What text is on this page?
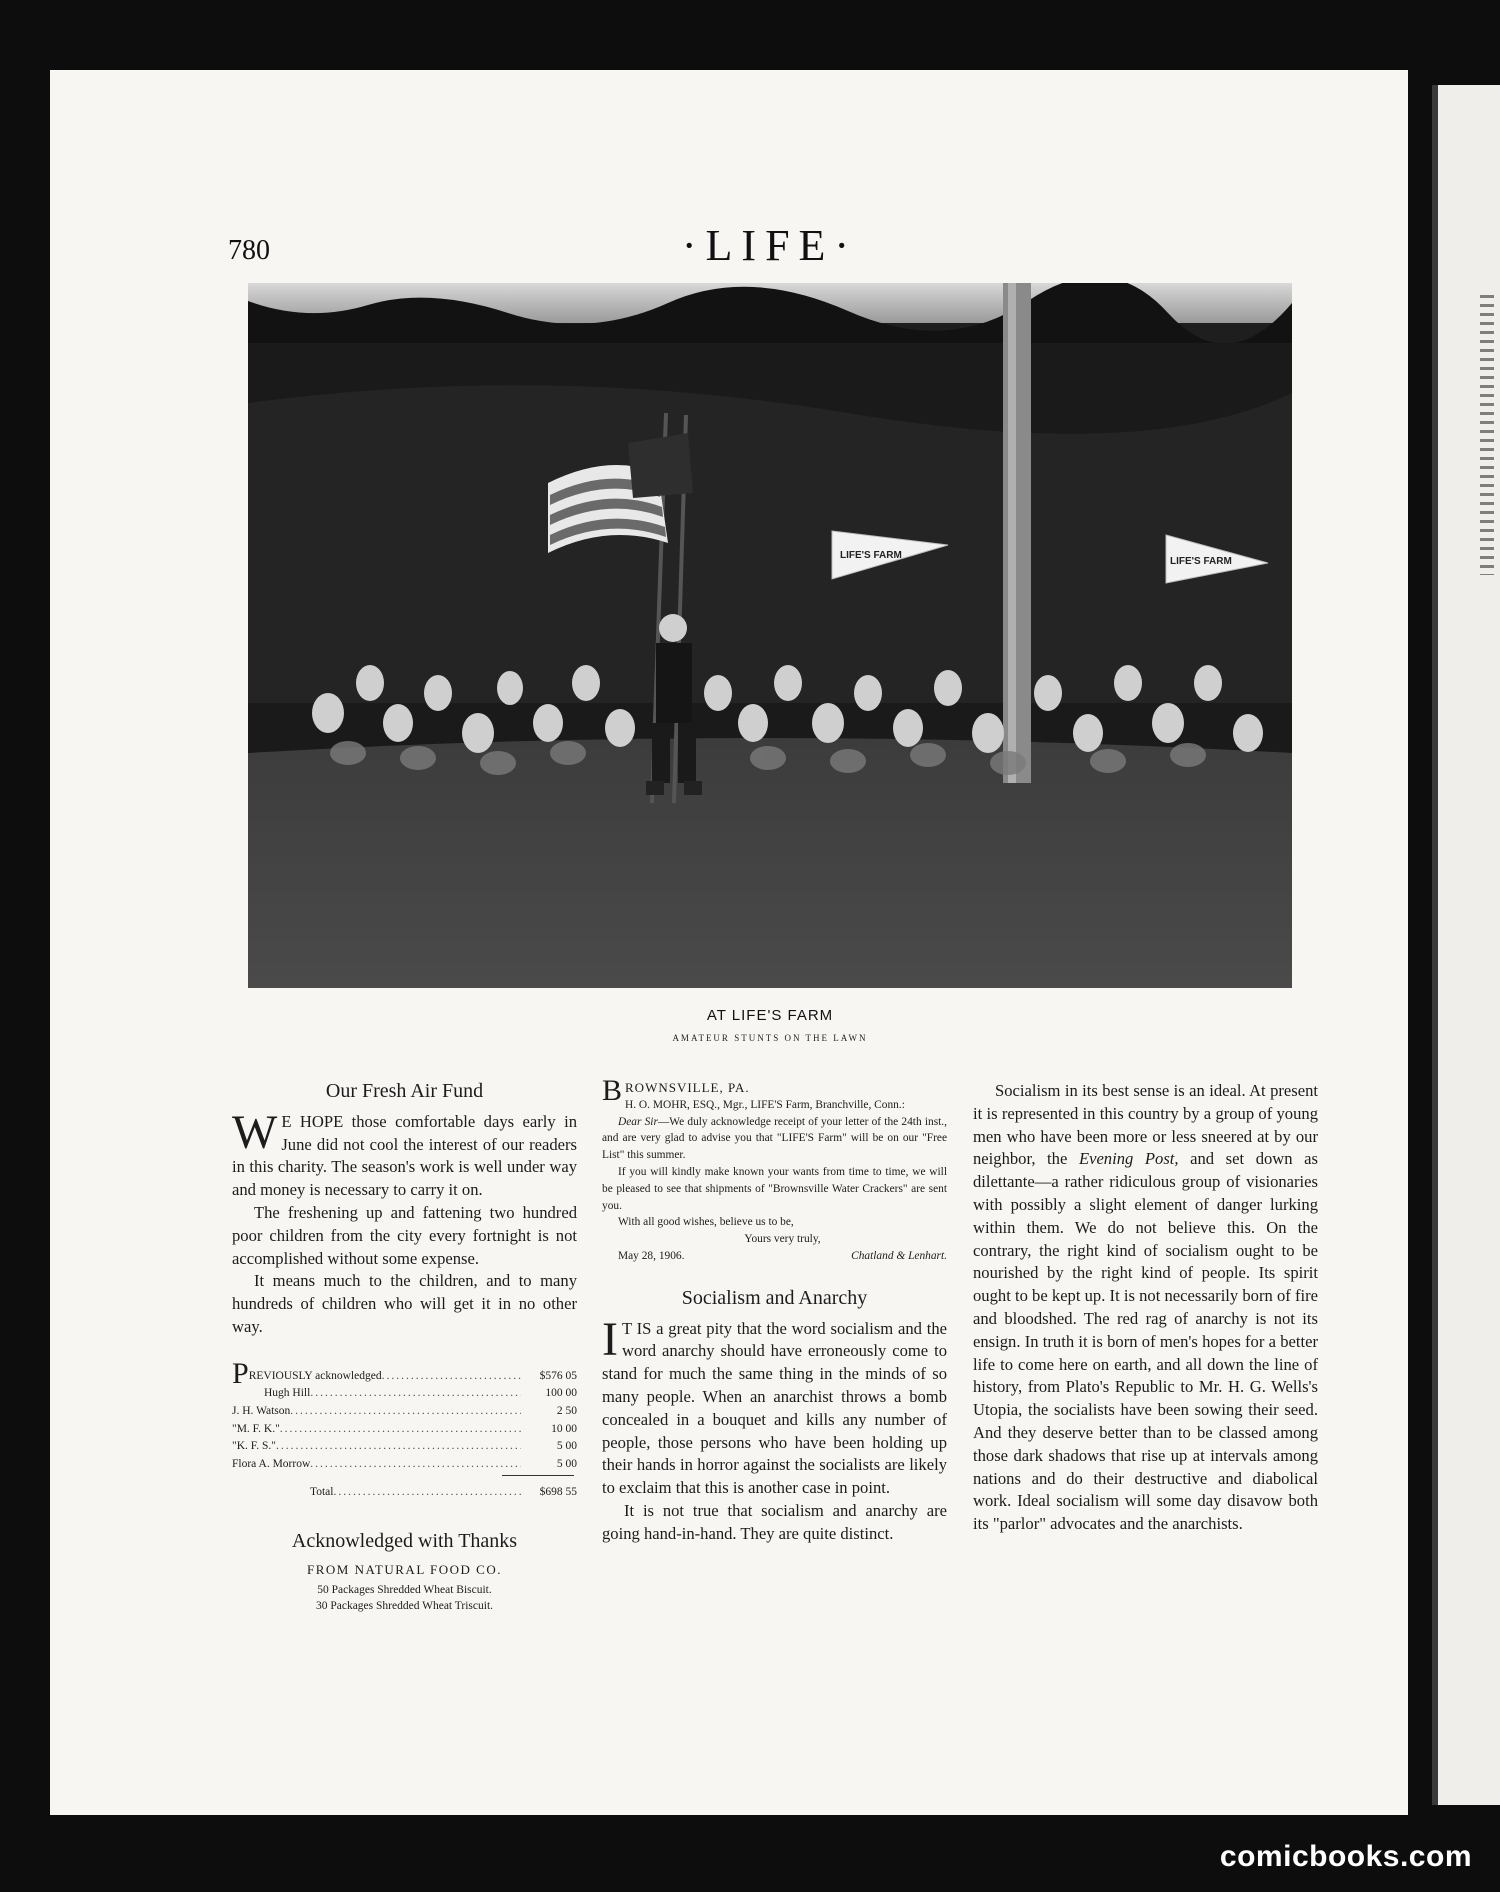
780	·LIFE·
LIFE'S FARM
LIFE'S FARM
AT LIFE'S FARM
AMATEUR STUNTS ON THE LAWN
Our Fresh Air Fund

W E HOPE those comfortable days early in June did not cool the interest of our readers in this charity. The season's work is well under way and money is necessary to carry it on.

The freshening up and fattening two hundred poor children from the city every fortnight is not accomplished without some expense.

It means much to the children, and to many hundreds of children who will get it in no other way.

PREVIOUSLY acknowledged .....	$576 05
Hugh Hill .....	100 00
J. H. Watson .....	2 50
"M. F. K." .....	10 00
"K. F. S." .....	5 00
Flora A. Morrow .....	5 00
Total .....	$698 55
Acknowledged with Thanks
FROM NATURAL FOOD CO.
50 Packages Shredded Wheat Biscuit.
30 Packages Shredded Wheat Triscuit.
BROWNSVILLE, PA.
H. O. MOHR, ESQ., Mgr., LIFE'S Farm, Branchville, Conn.:

Dear Sir—We duly acknowledge receipt of your letter of the 24th inst., and are very glad to advise you that "LIFE'S Farm" will be on our "Free List" this summer.

If you will kindly make known your wants from time to time, we will be pleased to see that shipments of "Brownsville Water Crackers" are sent you.

With all good wishes, believe us to be,

Yours very truly,

May 28, 1906.	Chatland & Lenhart.
Socialism and Anarchy

I T IS a great pity that the word socialism and the word anarchy should have erroneously come to stand for much the same thing in the minds of so many people. When an anarchist throws a bomb concealed in a bouquet and kills any number of people, those persons who have been holding up their hands in horror against the socialists are likely to exclaim that this is another case in point.

It is not true that socialism and anarchy are going hand-in-hand. They are quite distinct.

Socialism in its best sense is an ideal. At present it is represented in this country by a group of young men who have been more or less sneered at by our neighbor, the Evening Post, and set down as dilettante—a rather ridiculous group of visionaries with possibly a slight element of danger lurking within them. We do not believe this. On the contrary, the right kind of socialism ought to be nourished by the right kind of people. Its spirit ought to be kept up. It is not necessarily born of fire and bloodshed. The red rag of anarchy is not its ensign. In truth it is born of men's hopes for a better life to come here on earth, and all down the line of history, from Plato's Republic to Mr. H. G. Wells's Utopia, the socialists have been sowing their seed. And they deserve better than to be classed among those dark shadows that rise up at intervals among nations and do their destructive and diabolical work. Ideal socialism will some day disavow both its "parlor" advocates and the anarchists.

comicbooks.com
